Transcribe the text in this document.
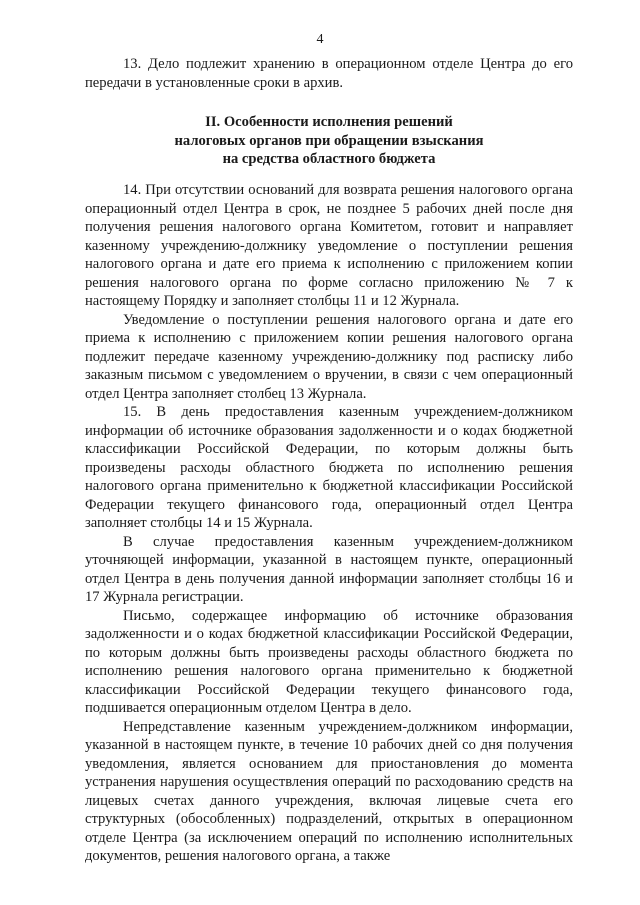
4

13. Дело подлежит хранению в операционном отделе Центра до его передачи в установленные сроки в архив.

II. Особенности исполнения решений
налоговых органов при обращении взыскания
на средства областного бюджета

14. При отсутствии оснований для возврата решения налогового органа операционный отдел Центра в срок, не позднее 5 рабочих дней после дня получения решения налогового органа Комитетом, готовит и направляет казенному учреждению-должнику уведомление о поступлении решения налогового органа и дате его приема к исполнению с приложением копии решения налогового органа по форме согласно приложению № 7 к настоящему Порядку и заполняет столбцы 11 и 12 Журнала.

Уведомление о поступлении решения налогового органа и дате его приема к исполнению с приложением копии решения налогового органа подлежит передаче казенному учреждению-должнику под расписку либо заказным письмом с уведомлением о вручении, в связи с чем операционный отдел Центра заполняет столбец 13 Журнала.

15. В день предоставления казенным учреждением-должником информации об источнике образования задолженности и о кодах бюджетной классификации Российской Федерации, по которым должны быть произведены расходы областного бюджета по исполнению решения налогового органа применительно к бюджетной классификации Российской Федерации текущего финансового года, операционный отдел Центра заполняет столбцы 14 и 15 Журнала.

В случае предоставления казенным учреждением-должником уточняющей информации, указанной в настоящем пункте, операционный отдел Центра в день получения данной информации заполняет столбцы 16 и 17 Журнала регистрации.

Письмо, содержащее информацию об источнике образования задолженности и о кодах бюджетной классификации Российской Федерации, по которым должны быть произведены расходы областного бюджета по исполнению решения налогового органа применительно к бюджетной классификации Российской Федерации текущего финансового года, подшивается операционным отделом Центра в дело.

Непредставление казенным учреждением-должником информации, указанной в настоящем пункте, в течение 10 рабочих дней со дня получения уведомления, является основанием для приостановления до момента устранения нарушения осуществления операций по расходованию средств на лицевых счетах данного учреждения, включая лицевые счета его структурных (обособленных) подразделений, открытых в операционном отделе Центра (за исключением операций по исполнению исполнительных документов, решения налогового органа, а также
